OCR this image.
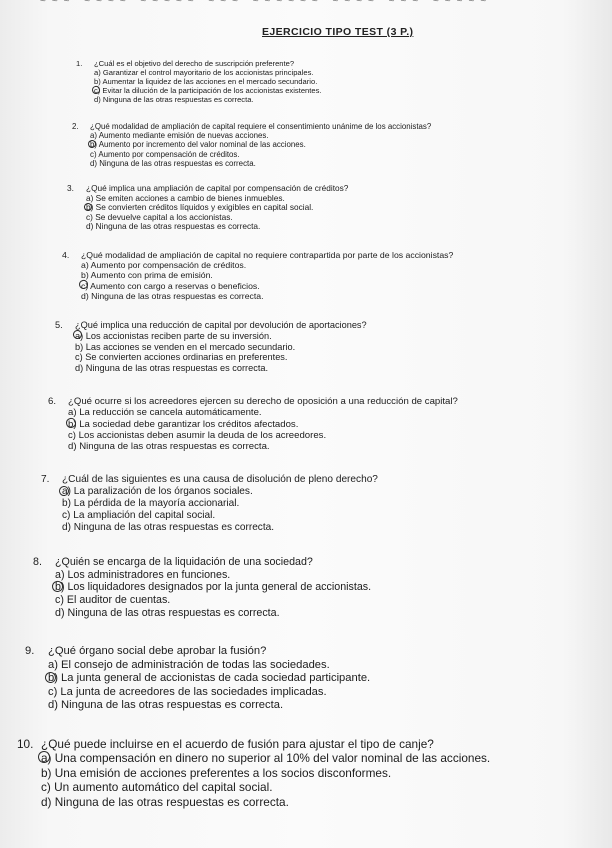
~~~ ~~~~ ~~~~~ ~~~ ~~~~~~ ~~~~ ~~~ ~~~~~
EJERCICIO TIPO TEST (3 P.)
1. ¿Cuál es el objetivo del derecho de suscripción preferente?
a) Garantizar el control mayoritario de los accionistas principales.
b) Aumentar la liquidez de las acciones en el mercado secundario.
c) Evitar la dilución de la participación de los accionistas existentes.
d) Ninguna de las otras respuestas es correcta.
2. ¿Qué modalidad de ampliación de capital requiere el consentimiento unánime de los accionistas?
a) Aumento mediante emisión de nuevas acciones.
b) Aumento por incremento del valor nominal de las acciones.
c) Aumento por compensación de créditos.
d) Ninguna de las otras respuestas es correcta.
3. ¿Qué implica una ampliación de capital por compensación de créditos?
a) Se emiten acciones a cambio de bienes inmuebles.
b) Se convierten créditos líquidos y exigibles en capital social.
c) Se devuelve capital a los accionistas.
d) Ninguna de las otras respuestas es correcta.
4. ¿Qué modalidad de ampliación de capital no requiere contrapartida por parte de los accionistas?
a) Aumento por compensación de créditos.
b) Aumento con prima de emisión.
c) Aumento con cargo a reservas o beneficios.
d) Ninguna de las otras respuestas es correcta.
5. ¿Qué implica una reducción de capital por devolución de aportaciones?
a) Los accionistas reciben parte de su inversión.
b) Las acciones se venden en el mercado secundario.
c) Se convierten acciones ordinarias en preferentes.
d) Ninguna de las otras respuestas es correcta.
6. ¿Qué ocurre si los acreedores ejercen su derecho de oposición a una reducción de capital?
a) La reducción se cancela automáticamente.
b) La sociedad debe garantizar los créditos afectados.
c) Los accionistas deben asumir la deuda de los acreedores.
d) Ninguna de las otras respuestas es correcta.
7. ¿Cuál de las siguientes es una causa de disolución de pleno derecho?
a) La paralización de los órganos sociales.
b) La pérdida de la mayoría accionarial.
c) La ampliación del capital social.
d) Ninguna de las otras respuestas es correcta.
8. ¿Quién se encarga de la liquidación de una sociedad?
a) Los administradores en funciones.
b) Los liquidadores designados por la junta general de accionistas.
c) El auditor de cuentas.
d) Ninguna de las otras respuestas es correcta.
9. ¿Qué órgano social debe aprobar la fusión?
a) El consejo de administración de todas las sociedades.
b) La junta general de accionistas de cada sociedad participante.
c) La junta de acreedores de las sociedades implicadas.
d) Ninguna de las otras respuestas es correcta.
10. ¿Qué puede incluirse en el acuerdo de fusión para ajustar el tipo de canje?
a) Una compensación en dinero no superior al 10% del valor nominal de las acciones.
b) Una emisión de acciones preferentes a los socios disconformes.
c) Un aumento automático del capital social.
d) Ninguna de las otras respuestas es correcta.
